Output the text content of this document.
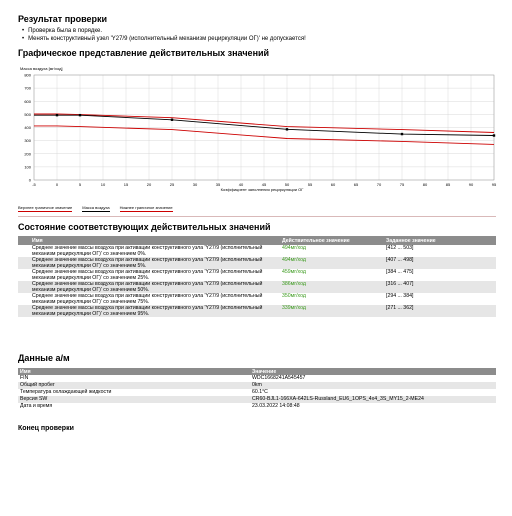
Результат проверки
• Проверка была в порядке.
• Менять конструктивный узел 'Y27/9 (исполнительный механизм рециркуляции ОГ)' не допускается!
Графическое представление действительных значений
Масса воздуха [мг/ход]
Коэффициент заполнения рециркуляции ОГ
0
100
200
300
400
500
600
700
800
-5	0	5	10	15	20	25	30	35	40	45	50	55	60	65	70	75	80	85	90	95
Верхнее граничное значение	Масса воздуха	Нижнее граничное значение
Состояние соответствующих действительных значений
Имя	Действительное значение	Заданное значение
Среднее значение массы воздуха при активации конструктивного узла 'Y27/9 (исполнительный механизм рециркуляции ОГ)' со значением 0%.	494мг/ход	[412 ... 503]
Среднее значение массы воздуха при активации конструктивного узла 'Y27/9 (исполнительный механизм рециркуляции ОГ)' со значением 5%.	494мг/ход	[407 ... 498]
Среднее значение массы воздуха при активации конструктивного узла 'Y27/9 (исполнительный механизм рециркуляции ОГ)' со значением 25%.	459мг/ход	[384 ... 475]
Среднее значение массы воздуха при активации конструктивного узла 'Y27/9 (исполнительный механизм рециркуляции ОГ)' со значением 50%.	386мг/ход	[316 ... 407]
Среднее значение массы воздуха при активации конструктивного узла 'Y27/9 (исполнительный механизм рециркуляции ОГ)' со значением 75%.	350мг/ход	[294 ... 384]
Среднее значение массы воздуха при активации конструктивного узла 'Y27/9 (исполнительный механизм рециркуляции ОГ)' со значением 95%.	339мг/ход	[271 ... 362]
Данные а/м
Имя	Значение
FIN	WDC1668241A545457
Общий пробег	0km
Температура охлаждающей жидкости	60.1°C
Версия SW	CR60-BJL1-166XA-642LS-Russland_EU6_1OPS_4x4_3S_MY15_2-ME24
Дата и время	23.03.2022 14:08:48
Конец проверки
